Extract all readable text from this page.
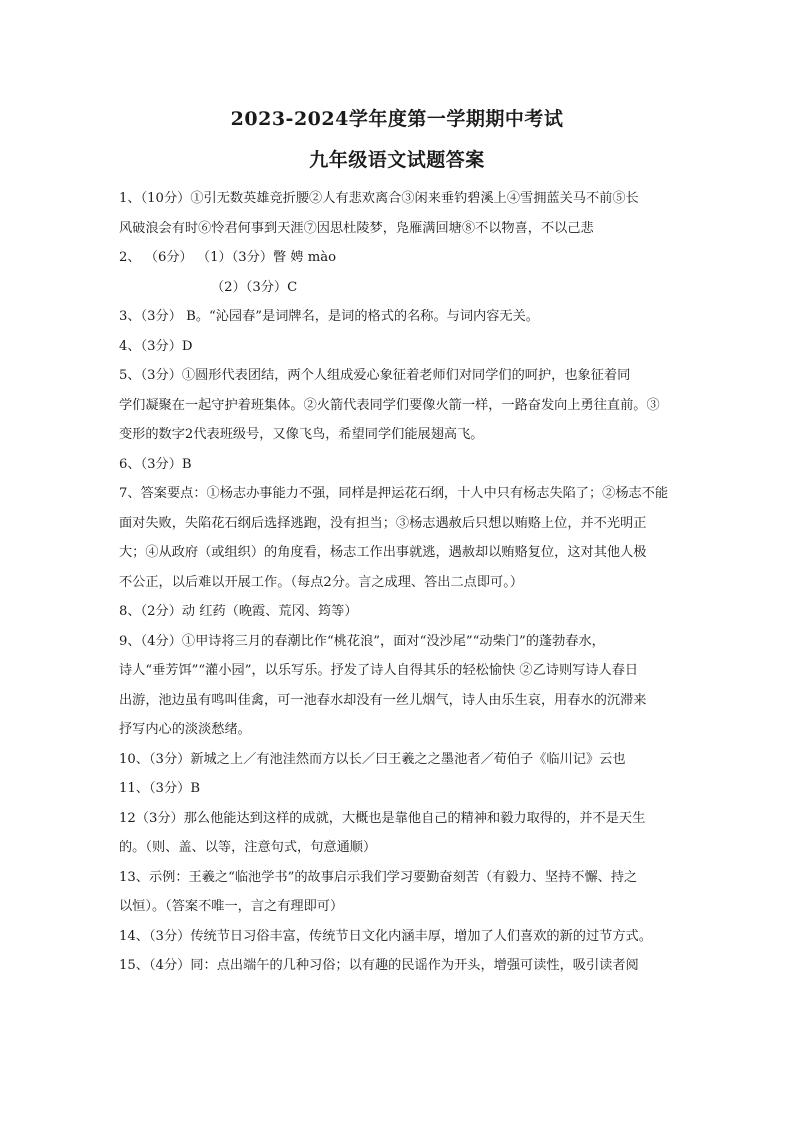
2023-2024学年度第一学期期中考试
九年级语文试题答案
1、（10分）①引无数英雄竞折腰②人有悲欢离合③闲来垂钓碧溪上④雪拥蓝关马不前⑤长
风破浪会有时⑥怜君何事到天涯⑦因思杜陵梦，凫雁满回塘⑧不以物喜，不以己悲
2、 （6分） （1）（3分）瞥 娉 mào
（2）（3分）C
3、（3分） B。“沁园春”是词牌名，是词的格式的名称。与词内容无关。
4、（3分）D
5、（3分）①圆形代表团结，两个人组成爱心象征着老师们对同学们的呵护，也象征着同
学们凝聚在一起守护着班集体。②火箭代表同学们要像火箭一样，一路奋发向上勇往直前。③
变形的数字2代表班级号，又像飞鸟，希望同学们能展翅高飞。
6、（3分）B
7、答案要点：①杨志办事能力不强，同样是押运花石纲，十人中只有杨志失陷了；②杨志不能
面对失败，失陷花石纲后选择逃跑，没有担当；③杨志遇赦后只想以贿赂上位，并不光明正
大；④从政府（或组织）的角度看，杨志工作出事就逃，遇赦却以贿赂复位，这对其他人极
不公正，以后难以开展工作。（每点2分。言之成理、答出二点即可。）
8、（2分）动 红药（晚霞、荒冈、筠等）
9、（4分）①甲诗将三月的春潮比作“桃花浪”，面对“没沙尾”“动柴门”的蓬勃春水，
诗人“垂芳饵”“灌小园”，以乐写乐。抒发了诗人自得其乐的轻松愉快 ②乙诗则写诗人春日
出游，池边虽有鸣叫佳禽，可一池春水却没有一丝儿烟气，诗人由乐生哀，用春水的沉滞来
抒写内心的淡淡愁绪。
10、（3分）新城之上／有池洼然而方以长／曰王羲之之墨池者／荀伯子《临川记》云也
11、（3分）B
12（3分）那么他能达到这样的成就，大概也是靠他自己的精神和毅力取得的，并不是天生
的。（则、盖、以等，注意句式，句意通顺）
13、示例：王羲之“临池学书”的故事启示我们学习要勤奋刻苦（有毅力、坚持不懈、持之
以恒）。（答案不唯一，言之有理即可）
14、（3分）传统节日习俗丰富，传统节日文化内涵丰厚，增加了人们喜欢的新的过节方式。
15、（4分）同：点出端午的几种习俗；以有趣的民谣作为开头，增强可读性，吸引读者阅
